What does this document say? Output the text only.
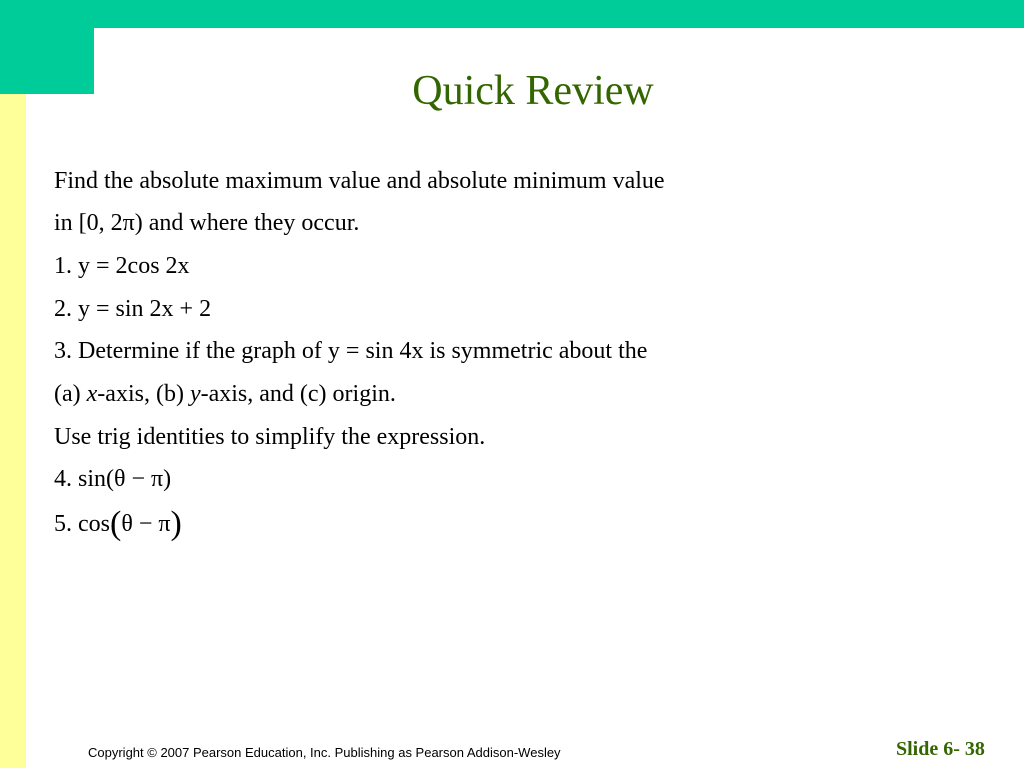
Quick Review
Find the absolute maximum value and absolute minimum value
in [0, 2π) and where they occur.
1. y = 2cos 2x
2. y = sin 2x + 2
3. Determine if the graph of y = sin 4x is symmetric about the
(a) x-axis, (b) y-axis, and (c) origin.
Use trig identities to simplify the expression.
4. sin(θ − π)
5. cos(θ − π)
Copyright © 2007 Pearson Education, Inc. Publishing as Pearson Addison-Wesley	Slide 6- 38
